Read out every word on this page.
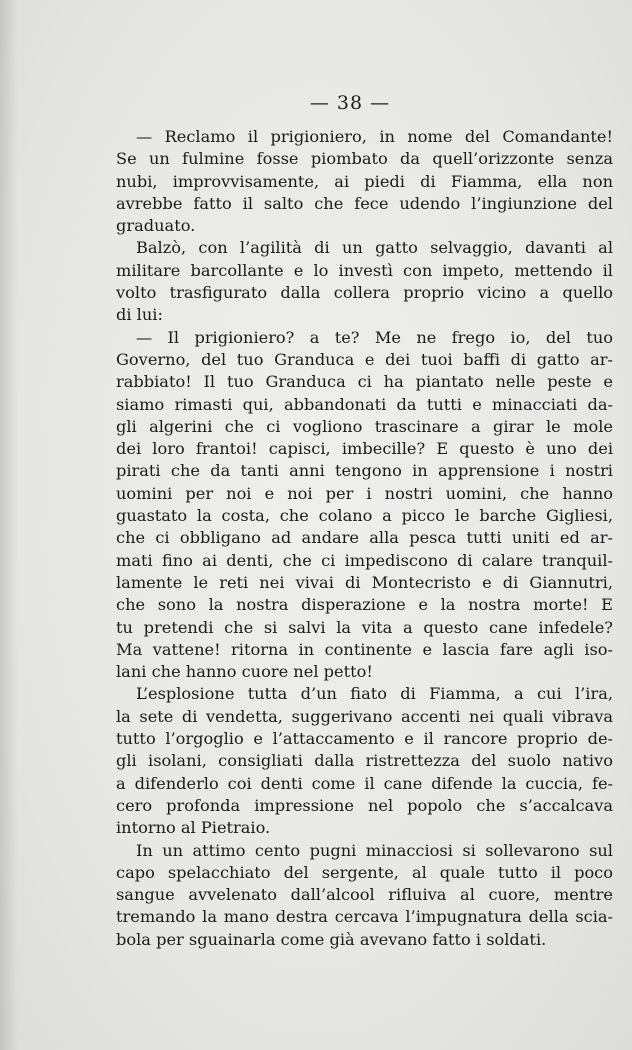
— 38 —
— Reclamo il prigioniero, in nome del Comandante!
Se un fulmine fosse piombato da quell’orizzonte senza
nubi, improvvisamente, ai piedi di Fiamma, ella non
avrebbe fatto il salto che fece udendo l’ingiunzione del
graduato.
Balzò, con l’agilità di un gatto selvaggio, davanti al
militare barcollante e lo investì con impeto, mettendo il
volto trasfigurato dalla collera proprio vicino a quello
di lui:
— Il prigioniero? a te? Me ne frego io, del tuo
Governo, del tuo Granduca e dei tuoi baffi di gatto ar-
rabbiato! Il tuo Granduca ci ha piantato nelle peste e
siamo rimasti qui, abbandonati da tutti e minacciati da-
gli algerini che ci vogliono trascinare a girar le mole
dei loro frantoi! capisci, imbecille? E questo è uno dei
pirati che da tanti anni tengono in apprensione i nostri
uomini per noi e noi per i nostri uomini, che hanno
guastato la costa, che colano a picco le barche Gigliesi,
che ci obbligano ad andare alla pesca tutti uniti ed ar-
mati fino ai denti, che ci impediscono di calare tranquil-
lamente le reti nei vivai di Montecristo e di Giannutri,
che sono la nostra disperazione e la nostra morte! E
tu pretendi che si salvi la vita a questo cane infedele?
Ma vattene! ritorna in continente e lascia fare agli iso-
lani che hanno cuore nel petto!
L’esplosione tutta d’un fiato di Fiamma, a cui l’ira,
la sete di vendetta, suggerivano accenti nei quali vibrava
tutto l’orgoglio e l’attaccamento e il rancore proprio de-
gli isolani, consigliati dalla ristrettezza del suolo nativo
a difenderlo coi denti come il cane difende la cuccia, fe-
cero profonda impressione nel popolo che s’accalcava
intorno al Pietraio.
In un attimo cento pugni minacciosi si sollevarono sul
capo spelacchiato del sergente, al quale tutto il poco
sangue avvelenato dall’alcool rifluiva al cuore, mentre
tremando la mano destra cercava l’impugnatura della scia-
bola per sguainarla come già avevano fatto i soldati.
